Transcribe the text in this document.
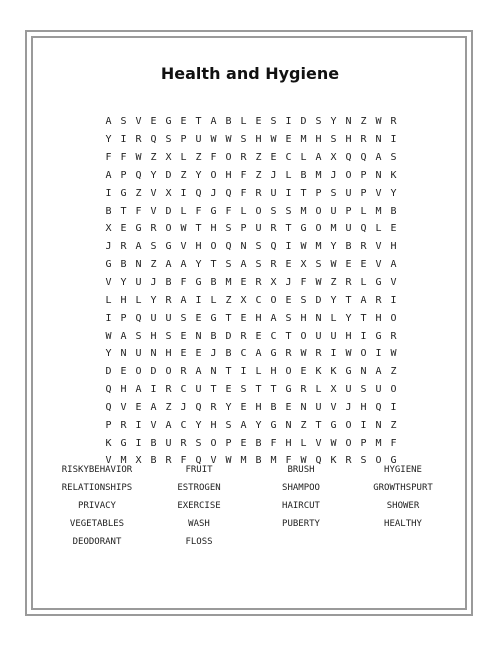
Health and Hygiene
A S V E G E T A B L E S I D S Y N Z W R
Y I R Q S P U W W S H W E M H S H R N I
F F W Z X L Z F O R Z E C L A X Q Q A S
A P Q Y D Z Y O H F Z J L B M J O P N K
I G Z V X I Q J Q F R U I T P S U P V Y
B T F V D L F G F L O S S M O U P L M B
X E G R O W T H S P U R T G O M U Q L E
J R A S G V H O Q N S Q I W M Y B R V H
G B N Z A A Y T S A S R E X S W E E V A
V Y U J B F G B M E R X J F W Z R L G V
L H L Y R A I L Z X C O E S D Y T A R I
I P Q U U S E G T E H A S H N L Y T H O
W A S H S E N B D R E C T O U U H I G R
Y N U N H E E J B C A G R W R I W O I W
D E O D O R A N T I L H O E K K G N A Z
Q H A I R C U T E S T T G R L X U S U O
Q V E A Z J Q R Y E H B E N U V J H Q I
P R I V A C Y H S A Y G N Z T G O I N Z
K G I B U R S O P E B F H L V W O P M F
V M X B R F Q V W M B M F W Q K R S O G
RISKYBEHAVIOR	FRUIT	BRUSH	HYGIENE
RELATIONSHIPS	ESTROGEN	SHAMPOO	GROWTHSPURT
PRIVACY	EXERCISE	HAIRCUT	SHOWER
VEGETABLES	WASH	PUBERTY	HEALTHY
DEODORANT	FLOSS
